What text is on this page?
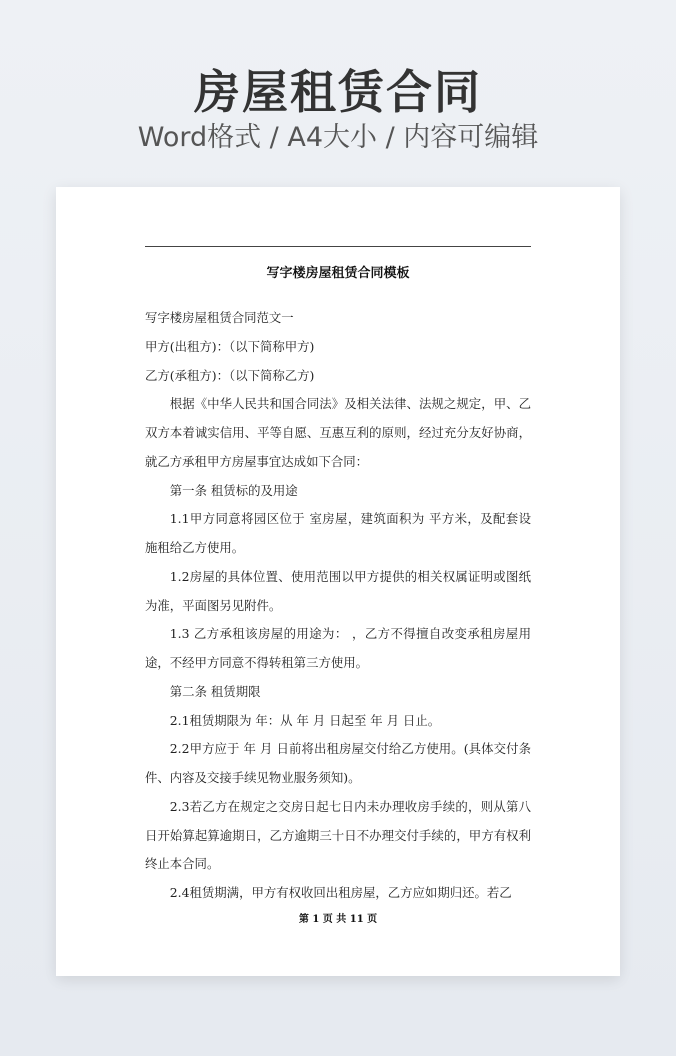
房屋租赁合同
Word格式 / A4大小 / 内容可编辑
写字楼房屋租赁合同模板

写字楼房屋租赁合同范文一

甲方(出租方)：（以下简称甲方)

乙方(承租方)：（以下简称乙方)

根据《中华人民共和国合同法》及相关法律、法规之规定，甲、乙双方本着诚实信用、平等自愿、互惠互利的原则，经过充分友好协商，就乙方承租甲方房屋事宜达成如下合同：

第一条 租赁标的及用途

1.1甲方同意将园区位于 室房屋，建筑面积为 平方米，及配套设施租给乙方使用。

1.2房屋的具体位置、使用范围以甲方提供的相关权属证明或图纸为准，平面图另见附件。

1.3 乙方承租该房屋的用途为： ，乙方不得擅自改变承租房屋用途，不经甲方同意不得转租第三方使用。

第二条 租赁期限

2.1租赁期限为 年：从 年 月 日起至 年 月 日止。

2.2甲方应于 年 月 日前将出租房屋交付给乙方使用。(具体交付条件、内容及交接手续见物业服务须知)。

2.3若乙方在规定之交房日起七日内未办理收房手续的，则从第八日开始算起算逾期日，乙方逾期三十日不办理交付手续的，甲方有权利终止本合同。

2.4租赁期满，甲方有权收回出租房屋，乙方应如期归还。若乙

第 1 页 共 11 页
